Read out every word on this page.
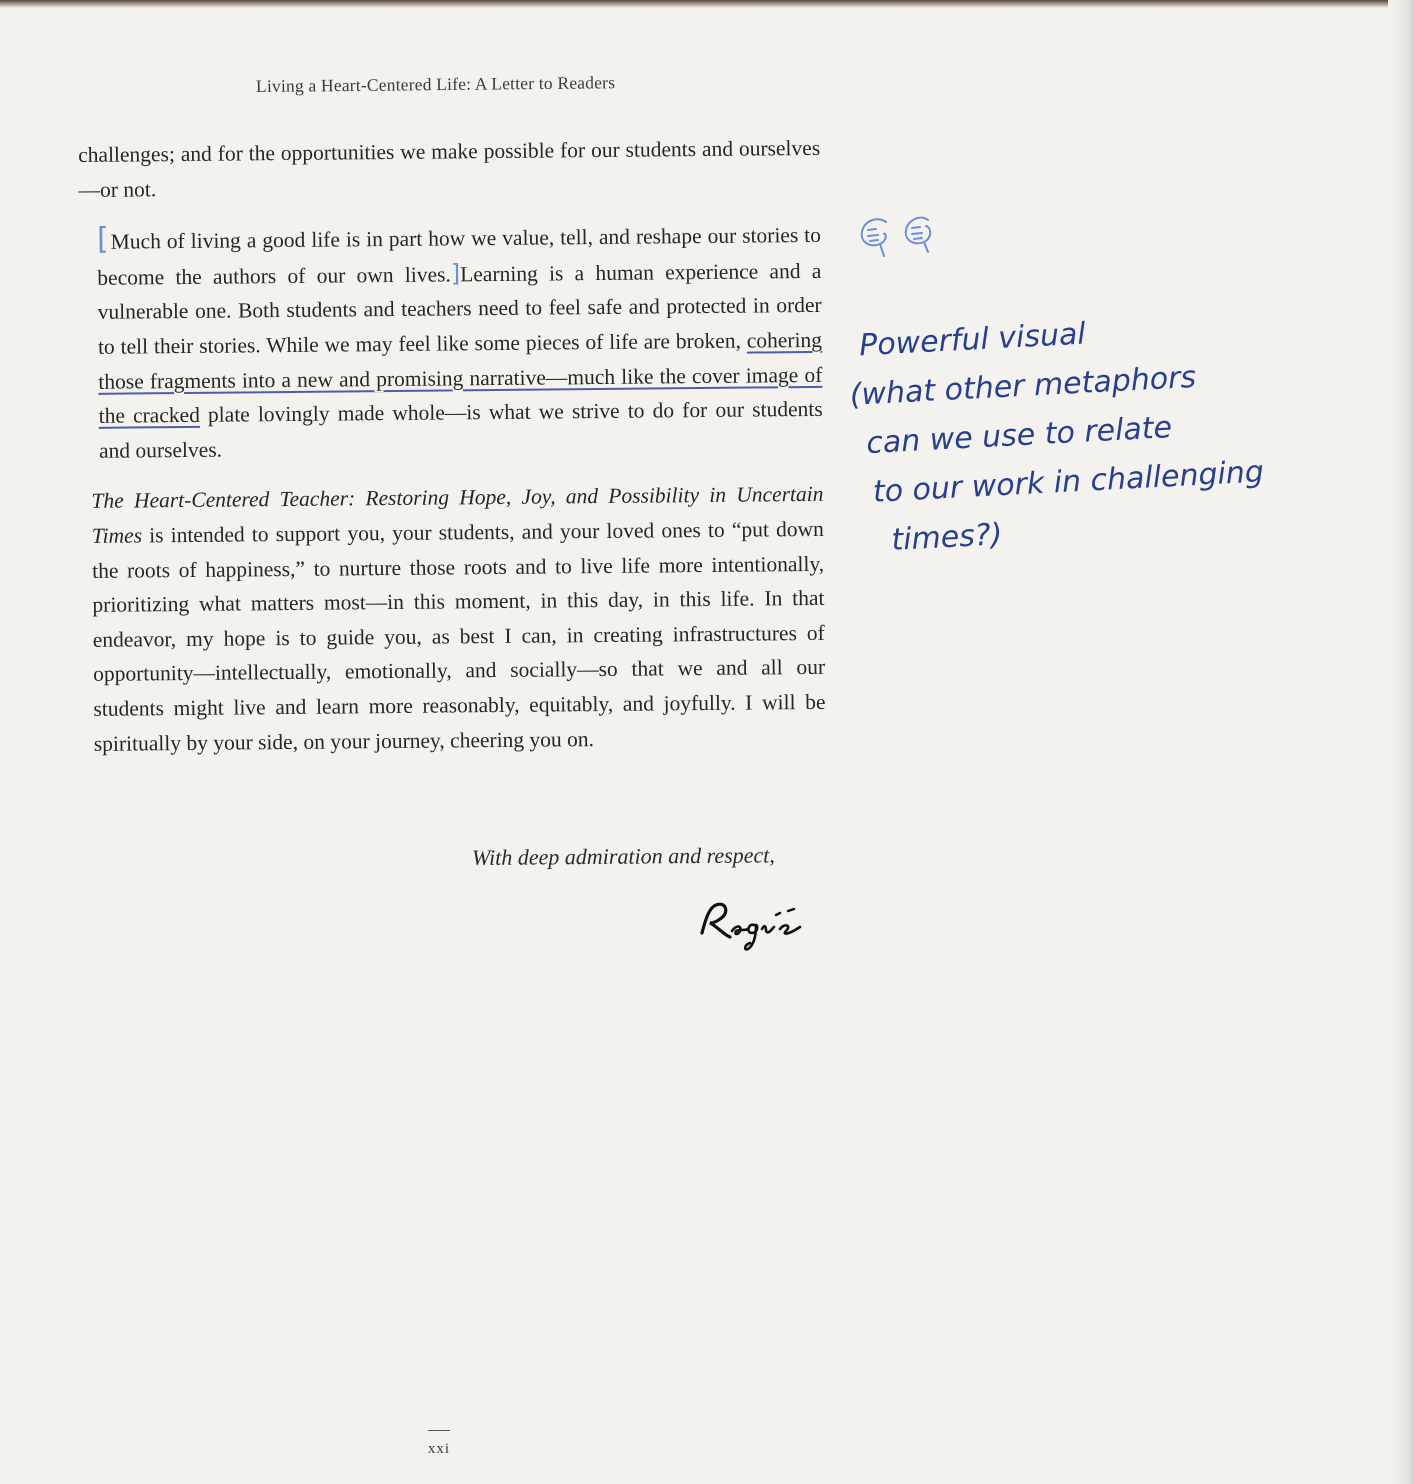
Living a Heart-Centered Life: A Letter to Readers

challenges; and for the opportunities we make possible for our students and ourselves—or not.

[Much of living a good life is in part how we value, tell, and reshape our stories to become the authors of our own lives.]Learning is a human experience and a vulnerable one. Both students and teachers need to feel safe and protected in order to tell their stories. While we may feel like some pieces of life are broken, cohering those fragments into a new and promising narrative—much like the cover image of the cracked plate lovingly made whole—is what we strive to do for our students and ourselves.

The Heart-Centered Teacher: Restoring Hope, Joy, and Possibility in Uncertain Times is intended to support you, your students, and your loved ones to “put down the roots of happiness,” to nurture those roots and to live life more intentionally, prioritizing what matters most—in this moment, in this day, in this life. In that endeavor, my hope is to guide you, as best I can, in creating infrastructures of opportunity—intellectually, emotionally, and socially—so that we and all our students might live and learn more reasonably, equitably, and joyfully. I will be spiritually by your side, on your journey, cheering you on.

With deep admiration and respect,
Powerful visual
(what other metaphors
can we use to relate
to our work in challenging
times?)
xxi
